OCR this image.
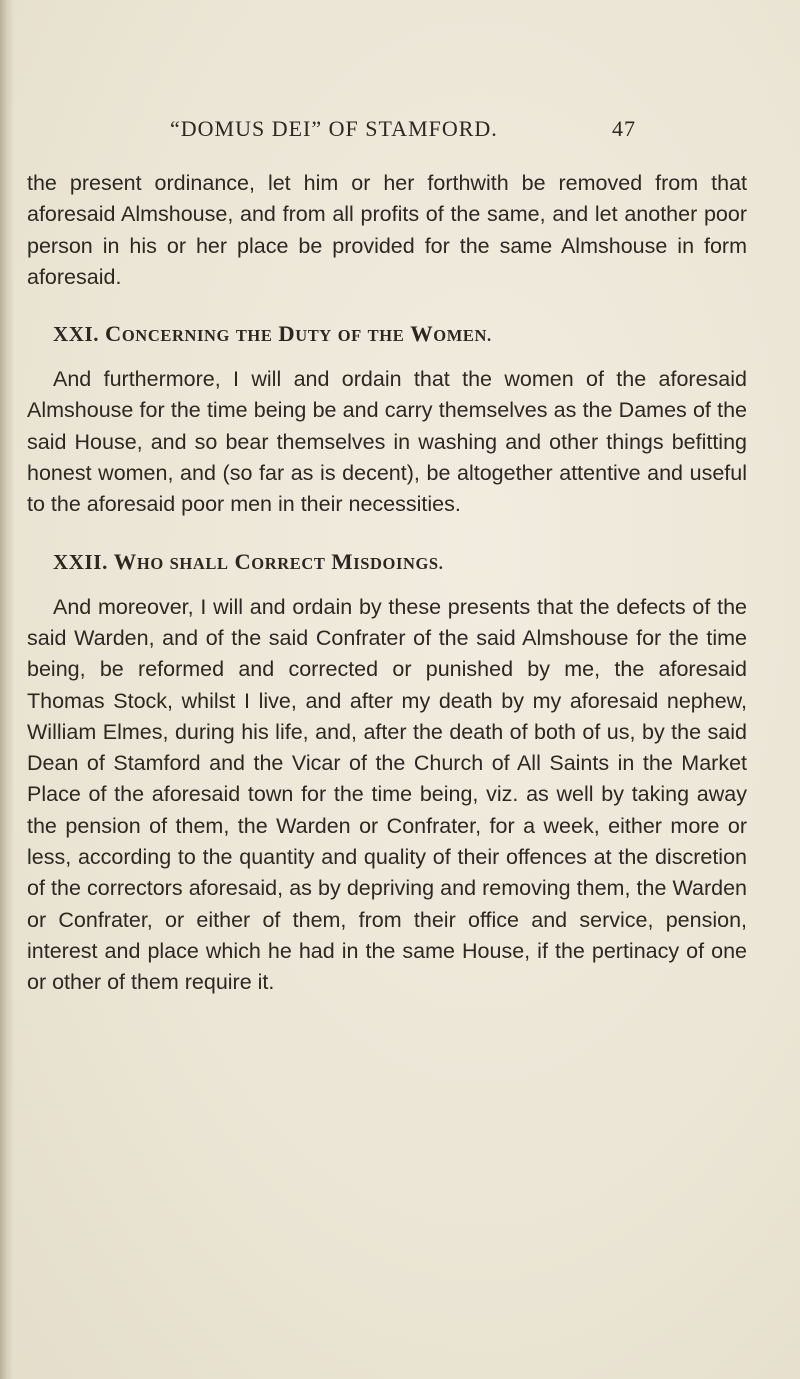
“DOMUS DEI” OF STAMFORD.	47

the present ordinance, let him or her forthwith be removed from that aforesaid Almshouse, and from all profits of the same, and let another poor person in his or her place be provided for the same Almshouse in form aforesaid.

XXI. CONCERNING THE DUTY OF THE WOMEN.

And furthermore, I will and ordain that the women of the aforesaid Almshouse for the time being be and carry themselves as the Dames of the said House, and so bear themselves in washing and other things befitting honest women, and (so far as is decent), be altogether attentive and useful to the aforesaid poor men in their necessities.

XXII. WHO SHALL CORRECT MISDOINGS.

And moreover, I will and ordain by these presents that the defects of the said Warden, and of the said Confrater of the said Almshouse for the time being, be reformed and corrected or punished by me, the aforesaid Thomas Stock, whilst I live, and after my death by my aforesaid nephew, William Elmes, during his life, and, after the death of both of us, by the said Dean of Stamford and the Vicar of the Church of All Saints in the Market Place of the aforesaid town for the time being, viz. as well by taking away the pension of them, the Warden or Confrater, for a week, either more or less, according to the quantity and quality of their offences at the discretion of the correctors aforesaid, as by depriving and removing them, the Warden or Confrater, or either of them, from their office and service, pension, interest and place which he had in the same House, if the pertinacy of one or other of them require it.
